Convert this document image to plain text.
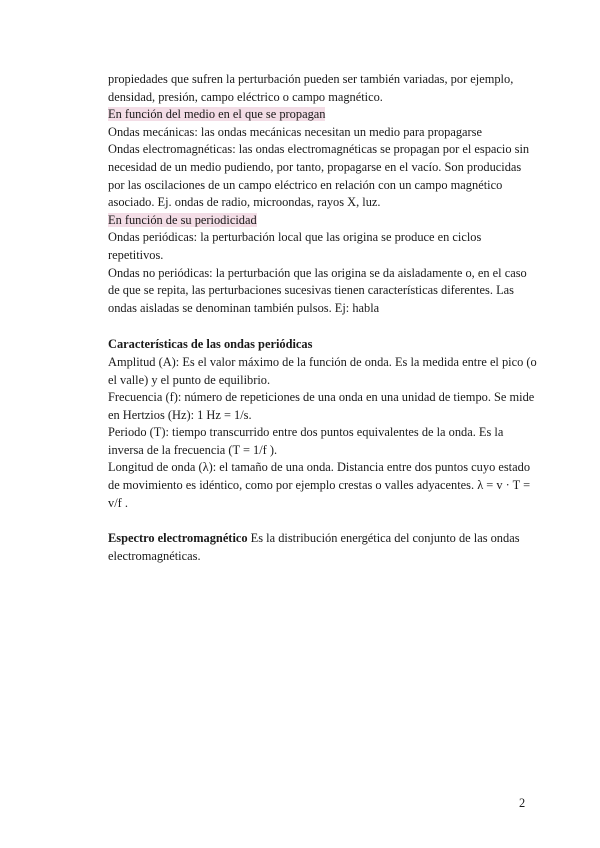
propiedades que sufren la perturbación pueden ser también variadas, por ejemplo, densidad, presión, campo eléctrico o campo magnético.

En función del medio en el que se propagan

Ondas mecánicas: las ondas mecánicas necesitan un medio para propagarse

Ondas electromagnéticas: las ondas electromagnéticas se propagan por el espacio sin necesidad de un medio pudiendo, por tanto, propagarse en el vacío. Son producidas por las oscilaciones de un campo eléctrico en relación con un campo magnético asociado. Ej. ondas de radio, microondas, rayos X, luz.

En función de su periodicidad

Ondas periódicas: la perturbación local que las origina se produce en ciclos repetitivos.

Ondas no periódicas: la perturbación que las origina se da aisladamente o, en el caso de que se repita, las perturbaciones sucesivas tienen características diferentes. Las ondas aisladas se denominan también pulsos. Ej: habla

Características de las ondas periódicas

Amplitud (A): Es el valor máximo de la función de onda. Es la medida entre el pico (o el valle) y el punto de equilibrio.

Frecuencia (f): número de repeticiones de una onda en una unidad de tiempo. Se mide en Hertzios (Hz): 1 Hz = 1/s.

Periodo (T): tiempo transcurrido entre dos puntos equivalentes de la onda. Es la inversa de la frecuencia (T = 1/f ).

Longitud de onda (λ): el tamaño de una onda. Distancia entre dos puntos cuyo estado de movimiento es idéntico, como por ejemplo crestas o valles adyacentes. λ = v · T = v/f .

Espectro electromagnético Es la distribución energética del conjunto de las ondas electromagnéticas.

2
